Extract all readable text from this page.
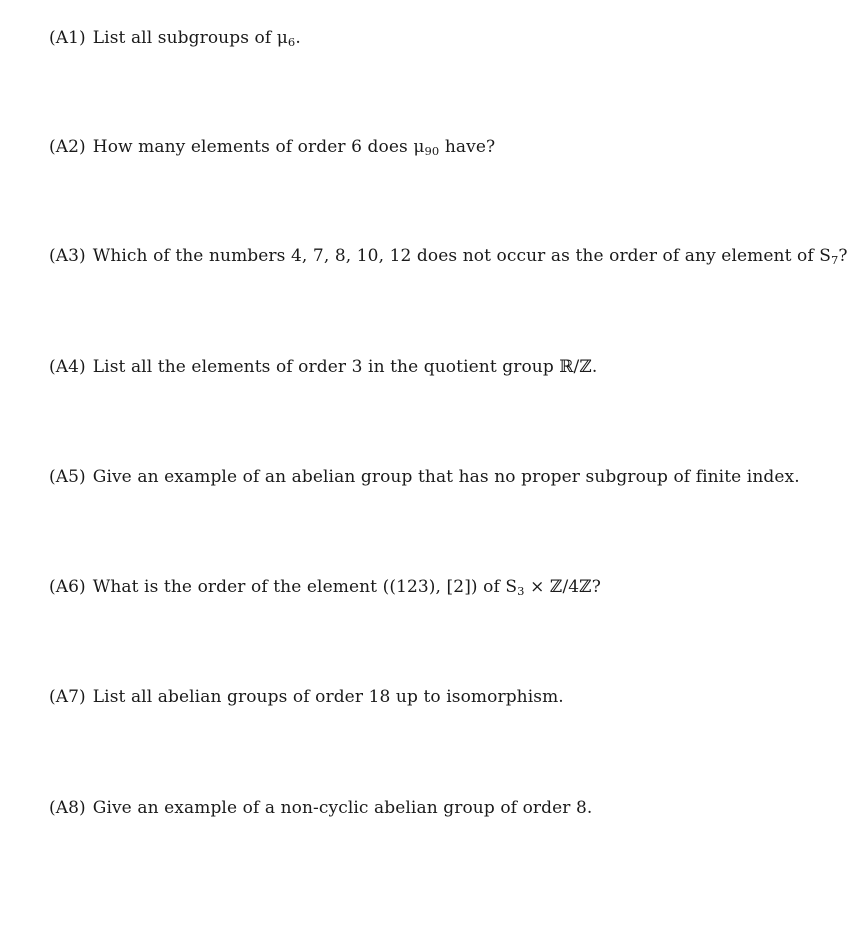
(A1) List all subgroups of μ6.
(A2) How many elements of order 6 does μ90 have?
(A3) Which of the numbers 4, 7, 8, 10, 12 does not occur as the order of any element of S7?
(A4) List all the elements of order 3 in the quotient group ℝ/ℤ.
(A5) Give an example of an abelian group that has no proper subgroup of finite index.
(A6) What is the order of the element ((123), [2]) of S3 × ℤ/4ℤ?
(A7) List all abelian groups of order 18 up to isomorphism.
(A8) Give an example of a non-cyclic abelian group of order 8.
